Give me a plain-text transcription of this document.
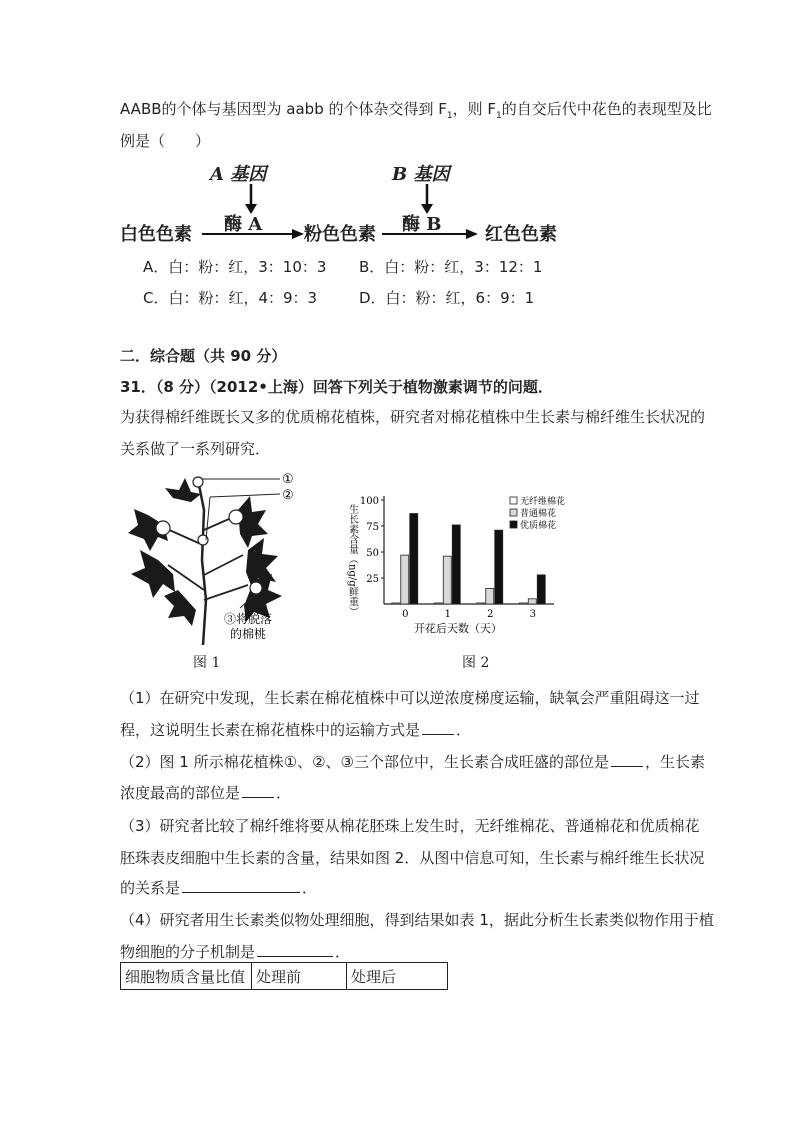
AABB的个体与基因型为 aabb 的个体杂交得到 $F_1$，则 $F_1$的自交后代中花色的表现型及比
例是（　　）
A 基因	B 基因
酶 A	酶 B
白色色素	粉色色素	红色色素
A．白：粉：红，3：10：3 B．白：粉：红，3：12：1
C．白：粉：红，4：9：3	D．白：粉：红，6：9：1
二．综合题（共 90 分）
31．（8 分）（2012•上海）回答下列关于植物激素调节的问题．
为获得棉纤维既长又多的优质棉花植株，研究者对棉花植株中生长素与棉纤维生长状况的
关系做了一系列研究．
①
②
③将脱落
的棉桃
图 1
25
50
75
100
0	1	2	3
无纤维棉花
普通棉花
优质棉花
开花后天数（天）
生长素含量（ng/g鲜重）
图 2
（1）在研究中发现，生长素在棉花植株中可以逆浓度梯度运输，缺氧会严重阻碍这一过
程，这说明生长素在棉花植株中的运输方式是 ．
（2）图 1 所示棉花植株①、②、③三个部位中，生长素合成旺盛的部位是 ，生长素
浓度最高的部位是 ．
（3）研究者比较了棉纤维将要从棉花胚珠上发生时，无纤维棉花、普通棉花和优质棉花
胚珠表皮细胞中生长素的含量，结果如图 2．从图中信息可知，生长素与棉纤维生长状况
的关系是	．
（4）研究者用生长素类似物处理细胞，得到结果如表 1，据此分析生长素类似物作用于植
物细胞的分子机制是	．
细胞物质含量比值	处理前	处理后
